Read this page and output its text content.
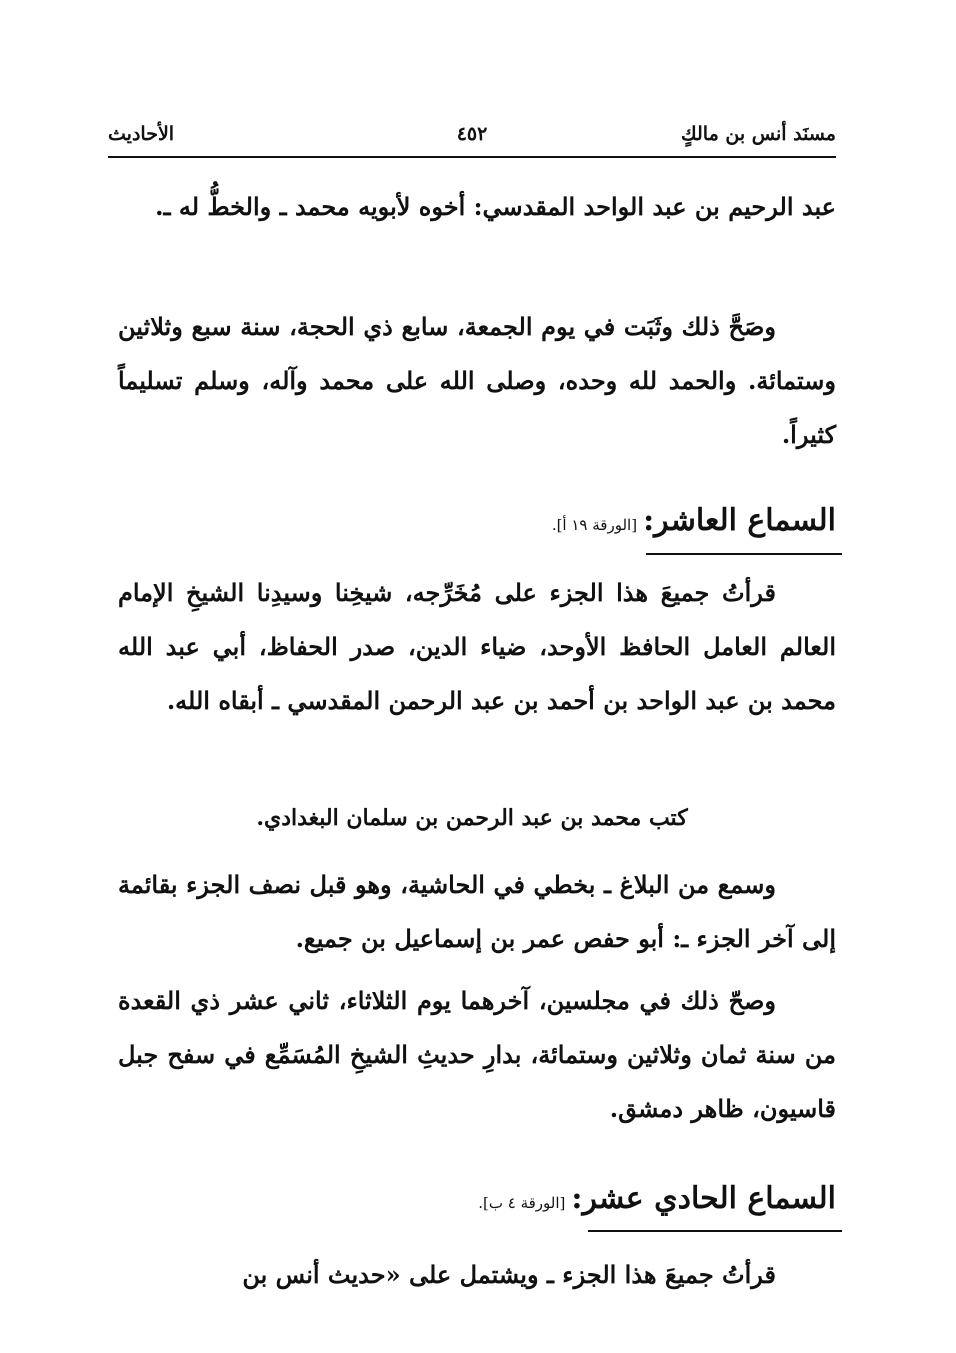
مسنَد أنس بن مالكٍ
٤٥٢
الأحاديث

عبد الرحيم بن عبد الواحد المقدسي: أخوه لأبويه محمد ـ والخطُّ له ـ.

وصَحَّ ذلك وثَبَت في يوم الجمعة، سابع ذي الحجة، سنة سبع وثلاثين وستمائة. والحمد لله وحده، وصلى الله على محمد وآله، وسلم تسليماً كثيراً.

السماع العاشر:[الورقة ١٩ أ].

قرأتُ جميعَ هذا الجزء على مُخَرِّجه، شيخِنا وسيدِنا الشيخِ الإمام العالم العامل الحافظ الأوحد، ضياء الدين، صدر الحفاظ، أبي عبد الله محمد بن عبد الواحد بن أحمد بن عبد الرحمن المقدسي ـ أبقاه الله.

كتب محمد بن عبد الرحمن بن سلمان البغدادي.

وسمع من البلاغ ـ بخطي في الحاشية، وهو قبل نصف الجزء بقائمة إلى آخر الجزء ـ: أبو حفص عمر بن إسماعيل بن جميع.

وصحّ ذلك في مجلسين، آخرهما يوم الثلاثاء، ثاني عشر ذي القعدة من سنة ثمان وثلاثين وستمائة، بدارِ حديثِ الشيخِ المُسَمِّع في سفح جبل قاسيون، ظاهر دمشق.

السماع الحادي عشر:[الورقة ٤ ب].

قرأتُ جميعَ هذا الجزء ـ ويشتمل على «حديث أنس بن
